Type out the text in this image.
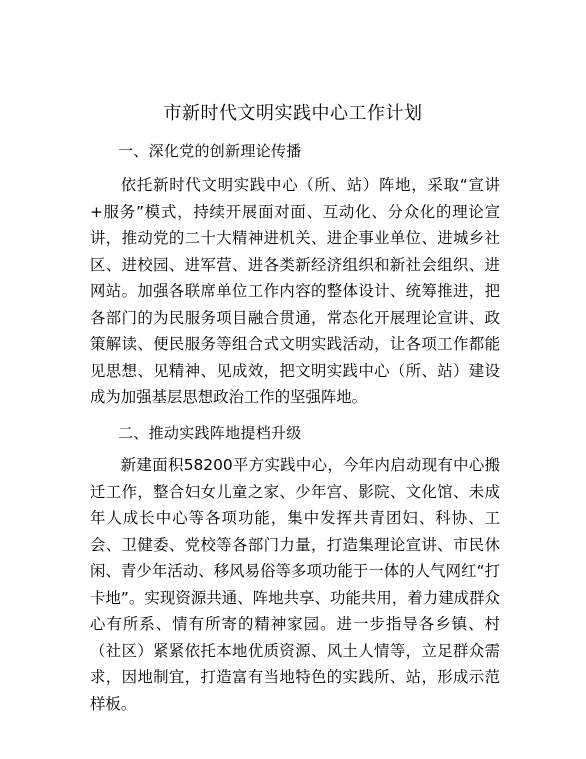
市新时代文明实践中心工作计划
一、深化党的创新理论传播

依托新时代文明实践中心（所、站）阵地，采取“宣讲+服务”模式，持续开展面对面、互动化、分众化的理论宣讲，推动党的二十大精神进机关、进企事业单位、进城乡社区、进校园、进军营、进各类新经济组织和新社会组织、进网站。加强各联席单位工作内容的整体设计、统筹推进，把各部门的为民服务项目融合贯通，常态化开展理论宣讲、政策解读、便民服务等组合式文明实践活动，让各项工作都能见思想、见精神、见成效，把文明实践中心（所、站）建设成为加强基层思想政治工作的坚强阵地。

二、推动实践阵地提档升级

新建面积58200平方实践中心，今年内启动现有中心搬迁工作，整合妇女儿童之家、少年宫、影院、文化馆、未成年人成长中心等各项功能，集中发挥共青团妇、科协、工会、卫健委、党校等各部门力量，打造集理论宣讲、市民休闲、青少年活动、移风易俗等多项功能于一体的人气网红“打卡地”。实现资源共通、阵地共享、功能共用，着力建成群众心有所系、情有所寄的精神家园。进一步指导各乡镇、村（社区）紧紧依托本地优质资源、风土人情等，立足群众需求，因地制宜，打造富有当地特色的实践所、站，形成示范样板。
